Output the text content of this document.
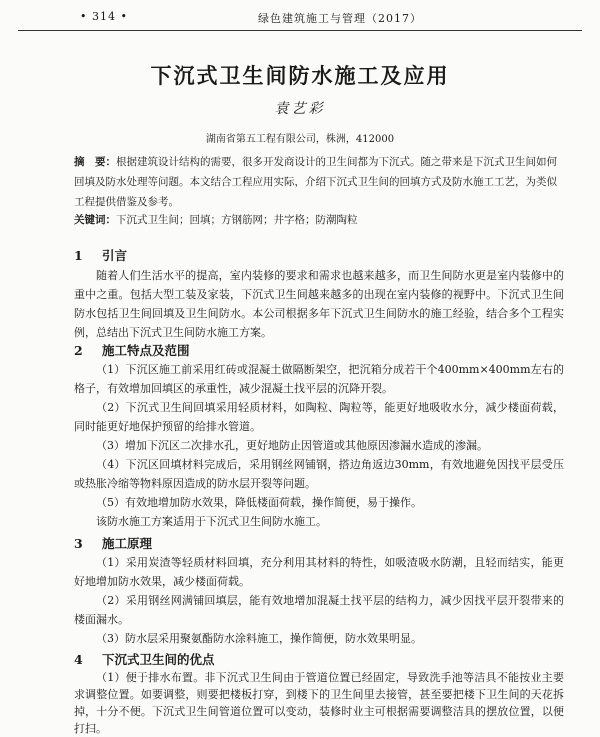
• 314 •	绿色建筑施工与管理（2017）
下沉式卫生间防水施工及应用
袁艺彩
湖南省第五工程有限公司，株洲，412000
摘　要：根据建筑设计结构的需要，很多开发商设计的卫生间都为下沉式。随之带来是下沉式卫生间如何回填及防水处理等问题。本文结合工程应用实际，介绍下沉式卫生间的回填方式及防水施工工艺，为类似工程提供借鉴及参考。
关键词：下沉式卫生间；回填；方钢筋网；井字格；防潮陶粒
1 引言
随着人们生活水平的提高，室内装修的要求和需求也越来越多，而卫生间防水更是室内装修中的重中之重。包括大型工装及家装，下沉式卫生间越来越多的出现在室内装修的视野中。下沉式卫生间防水包括卫生间回填及卫生间防水。本公司根据多年下沉式卫生间防水的施工经验，结合多个工程实例，总结出下沉式卫生间防水施工方案。
2 施工特点及范围
（1）下沉区施工前采用红砖或混凝土做隔断架空，把沉箱分成若干个400mm×400mm左右的格子，有效增加回填区的承重性，减少混凝土找平层的沉降开裂。
（2）下沉式卫生间回填采用轻质材料，如陶粒、陶粒等，能更好地吸收水分，减少楼面荷载，同时能更好地保护预留的给排水管道。
（3）增加下沉区二次排水孔，更好地防止因管道或其他原因渗漏水造成的渗漏。
（4）下沉区回填材料完成后，采用钢丝网铺钢，搭边角返边30mm，有效地避免因找平层受压或热胀冷缩等物料原因造成的防水层开裂等问题。
（5）有效地增加防水效果，降低楼面荷载，操作简便，易于操作。
该防水施工方案适用于下沉式卫生间防水施工。
3 施工原理
（1）采用炭渣等轻质材料回填，充分利用其材料的特性，如吸渣吸水防潮，且轻而结实，能更好地增加防水效果，减少楼面荷载。
（2）采用钢丝网满铺回填层，能有效地增加混凝土找平层的结构力，减少因找平层开裂带来的楼面漏水。
（3）防水层采用聚氨酯防水涂料施工，操作简便，防水效果明显。
4 下沉式卫生间的优点
（1）便于排水布置。非下沉式卫生间由于管道位置已经固定，导致洗手池等洁具不能按业主要求调整位置。如要调整，则要把楼板打穿，到楼下的卫生间里去接管，甚至要把楼下卫生间的天花拆掉，十分不便。下沉式卫生间管道位置可以变动，装修时业主可根据需要调整洁具的摆放位置，以便打扫。
